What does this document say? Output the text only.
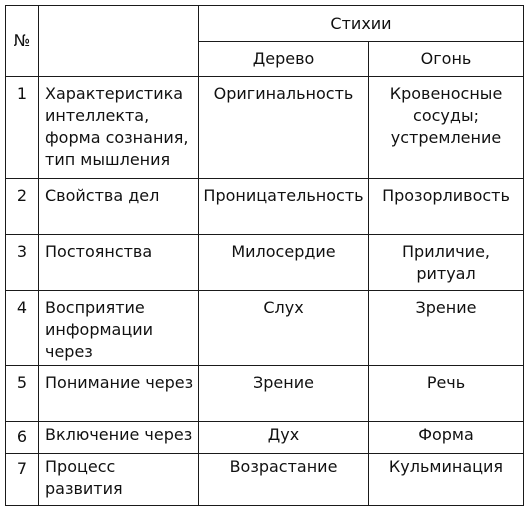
№		Стихии	
		Дерево	Огонь
1	Характеристика интеллекта, форма сознания, тип мышления	Оригинальность	Кровеносные сосуды; устремление
2	Свойства дел	Проницательность	Прозорливость
3	Постоянства	Милосердие	Приличие, ритуал
4	Восприятие информации через	Слух	Зрение
5	Понимание через	Зрение	Речь
6	Включение через	Дух	Форма
7	Процесс развития	Возрастание	Кульминация
